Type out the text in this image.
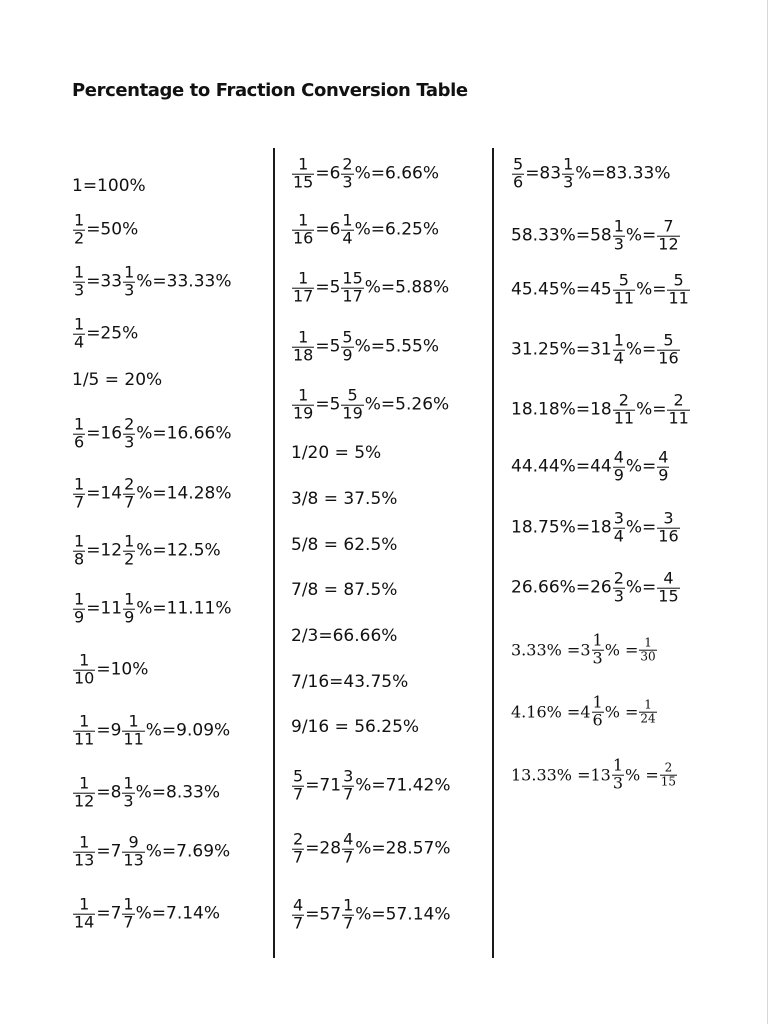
Percentage to Fraction Conversion Table
1=100%
$\frac{1}{2} =50\%$
$\frac{1}{3} =33 \frac{1}{3} \%=33.33\%$
$\frac{1}{4} =25\%$
1/5 = 20%
$\frac{1}{6} =16 \frac{2}{3} \%=16.66\%$
$\frac{1}{7} =14 \frac{2}{7} \%=14.28\%$
$\frac{1}{8} =12 \frac{1}{2} \%=12.5\%$
$\frac{1}{9} =11 \frac{1}{9} \%=11.11\%$
$\frac{1}{10} =10\%$
$\frac{1}{11} =9 \frac{1}{11} \%=9.09\%$
$\frac{1}{12} =8 \frac{1}{3} \%=8.33\%$
$\frac{1}{13} =7 \frac{9}{13} \%=7.69\%$
$\frac{1}{14} =7 \frac{1}{7} \%=7.14\%$
$\frac{1}{15} =6 \frac{2}{3} \%=6.66\%$
$\frac{1}{16} =6 \frac{1}{4} \%=6.25\%$
$\frac{1}{17} =5 \frac{15}{17} \%=5.88\%$
$\frac{1}{18} =5 \frac{5}{9} \%=5.55\%$
$\frac{1}{19} =5 \frac{5}{19} \%=5.26\%$
1/20 = 5%
3/8 = 37.5%
5/8 = 62.5%
7/8 = 87.5%
2/3=66.66%
7/16=43.75%
9/16 = 56.25%
$\frac{5}{7} =71 \frac{3}{7} \%=71.42\%$
$\frac{2}{7} =28 \frac{4}{7} \%=28.57\%$
$\frac{4}{7} =57 \frac{1}{7} \%=57.14\%$
$\frac{5}{6} =83 \frac{1}{3} \%=83.33\%$
$58.33\%=58 \frac{1}{3}$ %= $\frac{7}{12}$
$45.45\%=45 \frac{5}{11}$ %= $\frac{5}{11}$
$31.25\%=31 \frac{1}{4}$ %= $\frac{5}{16}$
$18.18\%=18 \frac{2}{11}$ %= $\frac{2}{11}$
$44.44\%=44 \frac{4}{9}$ %= $\frac{4}{9}$
$18.75\%=18 \frac{3}{4}$ %= $\frac{3}{16}$
$26.66\%=26 \frac{2}{3}$ %= $\frac{4}{15}$
$3.33\% =3 \frac{1}{3}$ % = $\frac{1}{30}$
$4.16\% =4 \frac{1}{6}$ % = $\frac{1}{24}$
$13.33\% =13 \frac{1}{3}$ % = $\frac{2}{15}$
